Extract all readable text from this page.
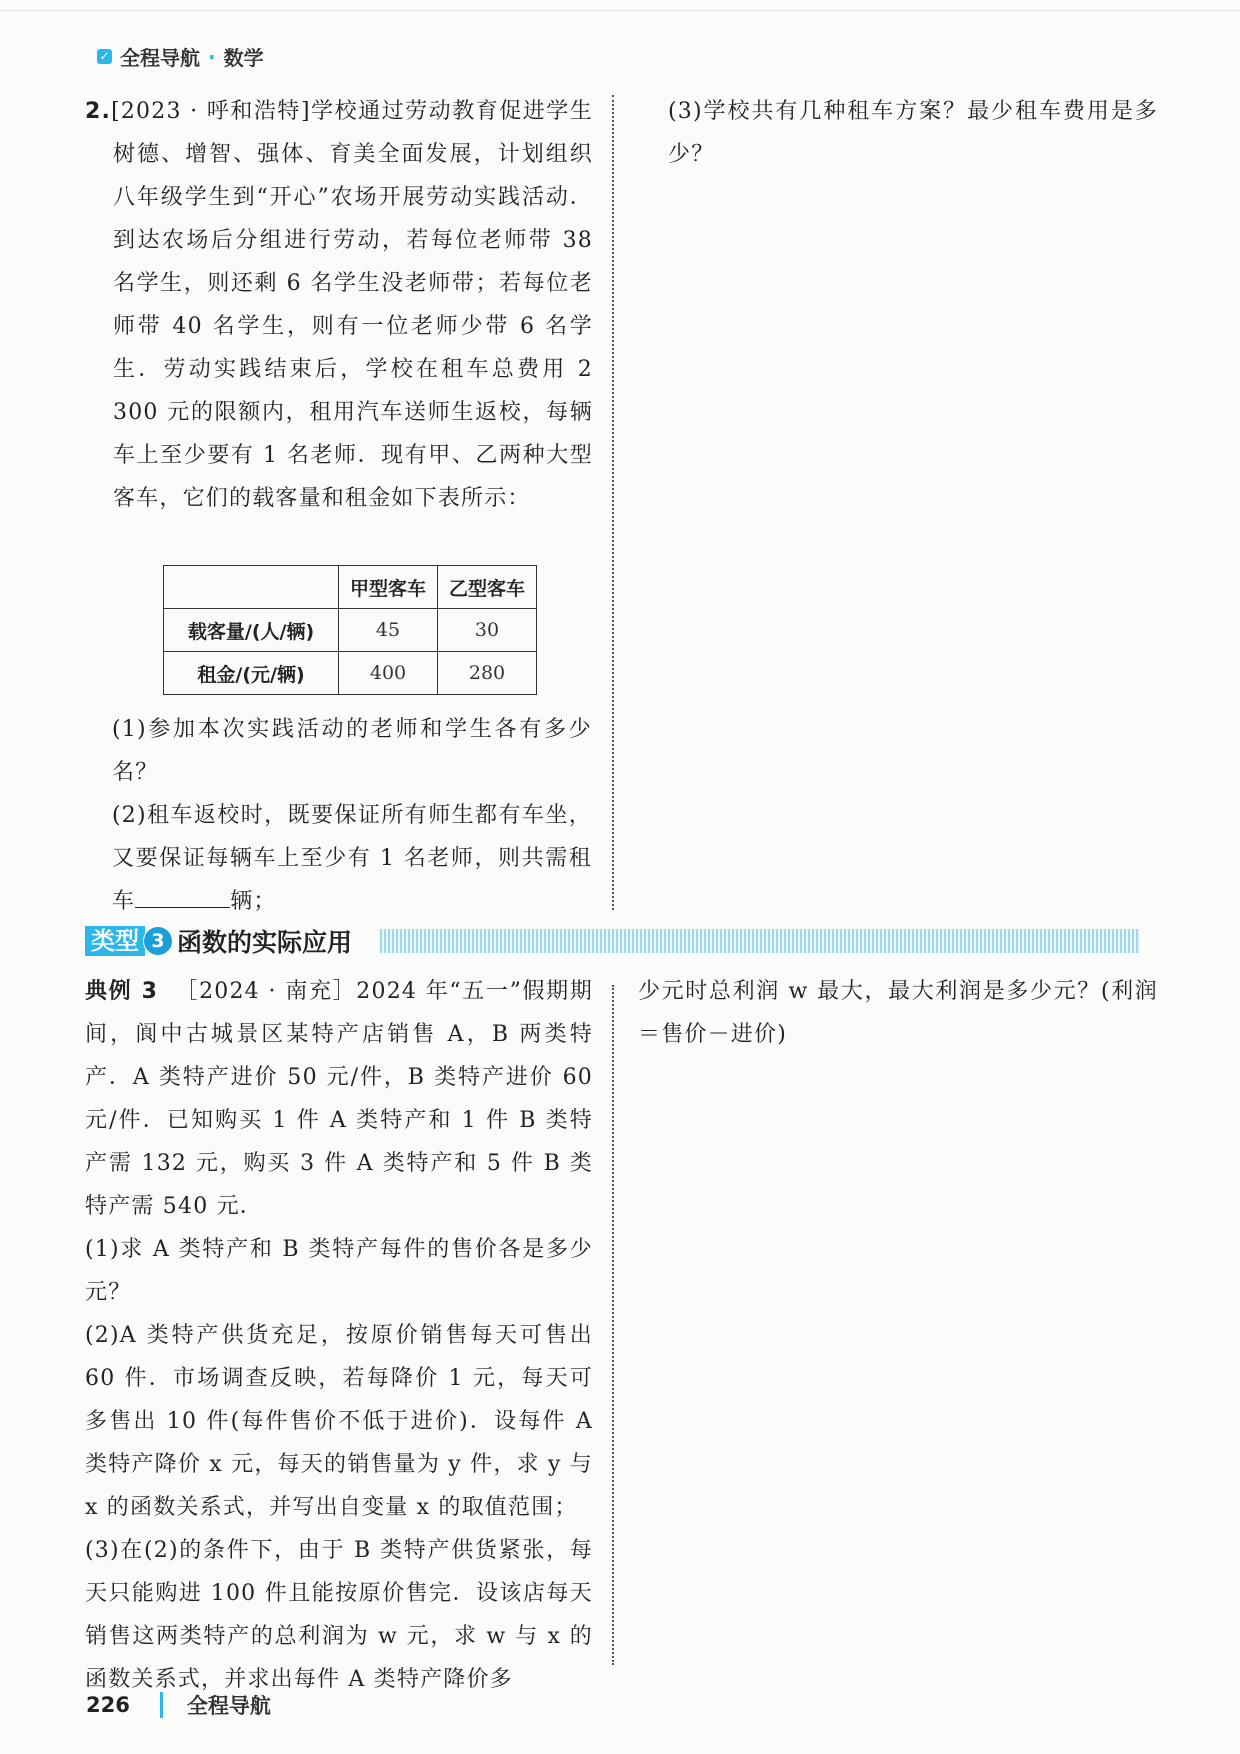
✓ 全程导航 · 数学

2.[2023 · 呼和浩特]学校通过劳动教育促进学生树德、增智、强体、育美全面发展，计划组织八年级学生到“开心”农场开展劳动实践活动．到达农场后分组进行劳动，若每位老师带 38 名学生，则还剩 6 名学生没老师带；若每位老师带 40 名学生，则有一位老师少带 6 名学生．劳动实践结束后，学校在租车总费用 2 300 元的限额内，租用汽车送师生返校，每辆车上至少要有 1 名老师．现有甲、乙两种大型客车，它们的载客量和租金如下表所示：

	甲型客车	乙型客车
载客量/(人/辆)	45	30
租金/(元/辆)	400	280

(1)参加本次实践活动的老师和学生各有多少名？

(2)租车返校时，既要保证所有师生都有车坐，又要保证每辆车上至少有 1 名老师，则共需租车	辆；

(3)学校共有几种租车方案？最少租车费用是多少？

类型 3 函数的实际应用

典例 3 ［2024 · 南充］2024 年“五一”假期期间，阆中古城景区某特产店销售 A，B 两类特产．A 类特产进价 50 元/件，B 类特产进价 60 元/件．已知购买 1 件 A 类特产和 1 件 B 类特产需 132 元，购买 3 件 A 类特产和 5 件 B 类特产需 540 元．

(1)求 A 类特产和 B 类特产每件的售价各是多少元？

(2)A 类特产供货充足，按原价销售每天可售出 60 件．市场调查反映，若每降价 1 元，每天可多售出 10 件(每件售价不低于进价)．设每件 A 类特产降价 x 元，每天的销售量为 y 件，求 y 与 x 的函数关系式，并写出自变量 x 的取值范围；

(3)在(2)的条件下，由于 B 类特产供货紧张，每天只能购进 100 件且能按原价售完．设该店每天销售这两类特产的总利润为 w 元，求 w 与 x 的函数关系式，并求出每件 A 类特产降价多

少元时总利润 w 最大，最大利润是多少元？(利润＝售价－进价)

226	全程导航
